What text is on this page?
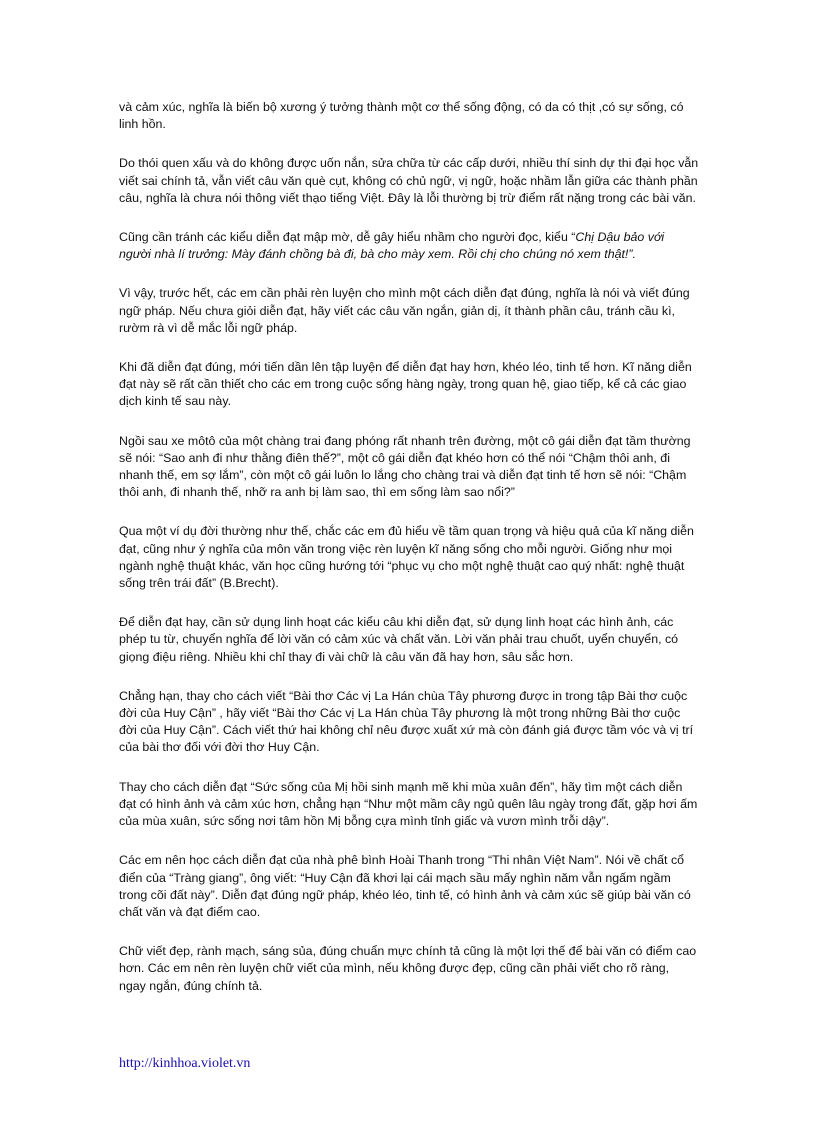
và cảm xúc, nghĩa là biến bộ xương ý tưởng thành một cơ thể sống động, có da có thịt ,có sự sống, có linh hồn.

Do thói quen xấu và do không được uốn nắn, sửa chữa từ các cấp dưới, nhiều thí sinh dự thi đại học vẫn viết sai chính tả, vẫn viết câu văn què cụt, không có chủ ngữ, vị ngữ, hoặc nhầm lẫn giữa các thành phần câu, nghĩa là chưa nói thông viết thạo tiếng Việt. Đây là lỗi thường bị trừ điểm rất nặng trong các bài văn.

Cũng cần tránh các kiểu diễn đạt mập mờ, dễ gây hiểu nhầm cho người đọc, kiểu “Chị Dậu bảo với người nhà lí trưởng: Mày đánh chồng bà đi, bà cho mày xem. Rồi chị cho chúng nó xem thật!”.

Vì vậy, trước hết, các em cần phải rèn luyện cho mình một cách diễn đạt đúng, nghĩa là nói và viết đúng ngữ pháp. Nếu chưa giỏi diễn đạt, hãy viết các câu văn ngắn, giản dị, ít thành phần câu, tránh cầu kì, rườm rà vì dễ mắc lỗi ngữ pháp.

Khi đã diễn đạt đúng, mới tiến dần lên tập luyện để diễn đạt hay hơn, khéo léo, tinh tế hơn. Kĩ năng diễn đạt này sẽ rất cần thiết cho các em trong cuộc sống hàng ngày, trong quan hệ, giao tiếp, kể cả các giao dịch kinh tế sau này.

Ngồi sau xe môtô của một chàng trai đang phóng rất nhanh trên đường, một cô gái diễn đạt tầm thường sẽ nói: “Sao anh đi như thằng điên thế?”, một cô gái diễn đạt khéo hơn có thể nói “Chậm thôi anh, đi nhanh thế, em sợ lắm”, còn một cô gái luôn lo lắng cho chàng trai và diễn đạt tinh tế hơn sẽ nói: “Chậm thôi anh, đi nhanh thế, nhỡ ra anh bị làm sao, thì em sống làm sao nổi?”

Qua một ví dụ đời thường như thế, chắc các em đủ hiểu về tầm quan trọng và hiệu quả của kĩ năng diễn đạt, cũng như ý nghĩa của môn văn trong việc rèn luyện kĩ năng sống cho mỗi người. Giống như mọi ngành nghệ thuật khác, văn học cũng hướng tới “phục vụ cho một nghệ thuật cao quý nhất: nghệ thuật sống trên trái đất” (B.Brecht).

Để diễn đạt hay, cần sử dụng linh hoạt các kiểu câu khi diễn đạt, sử dụng linh hoạt các hình ảnh, các phép tu từ, chuyển nghĩa để lời văn có cảm xúc và chất văn. Lời văn phải trau chuốt, uyển chuyển, có giọng điệu riêng. Nhiều khi chỉ thay đi vài chữ là câu văn đã hay hơn, sâu sắc hơn.

Chẳng hạn, thay cho cách viết “Bài thơ Các vị La Hán chùa Tây phương được in trong tập Bài thơ cuộc đời của Huy Cận” , hãy viết “Bài thơ Các vị La Hán chùa Tây phương là một trong những Bài thơ cuộc đời của Huy Cận”. Cách viết thứ hai không chỉ nêu được xuất xứ mà còn đánh giá được tầm vóc và vị trí của bài thơ đối với đời thơ Huy Cận.

Thay cho cách diễn đạt “Sức sống của Mị hồi sinh mạnh mẽ khi mùa xuân đến”, hãy tìm một cách diễn đạt có hình ảnh và cảm xúc hơn, chẳng hạn “Như một mầm cây ngủ quên lâu ngày trong đất, gặp hơi ấm của mùa xuân, sức sống nơi tâm hồn Mị bỗng cựa mình tỉnh giấc và vươn mình trỗi dậy”.

Các em nên học cách diễn đạt của nhà phê bình Hoài Thanh trong “Thi nhân Việt Nam”. Nói về chất cổ điển của “Tràng giang”, ông viết: “Huy Cận đã khơi lại cái mạch sầu mấy nghìn năm vẫn ngấm ngầm trong cõi đất này”. Diễn đạt đúng ngữ pháp, khéo léo, tinh tế, có hình ảnh và cảm xúc sẽ giúp bài văn có chất văn và đạt điểm cao.

Chữ viết đẹp, rành mạch, sáng sủa, đúng chuẩn mực chính tả cũng là một lợi thế để bài văn có điểm cao hơn. Các em nên rèn luyện chữ viết của mình, nếu không được đẹp, cũng cần phải viết cho rõ ràng, ngay ngắn, đúng chính tả.

http://kinhhoa.violet.vn
